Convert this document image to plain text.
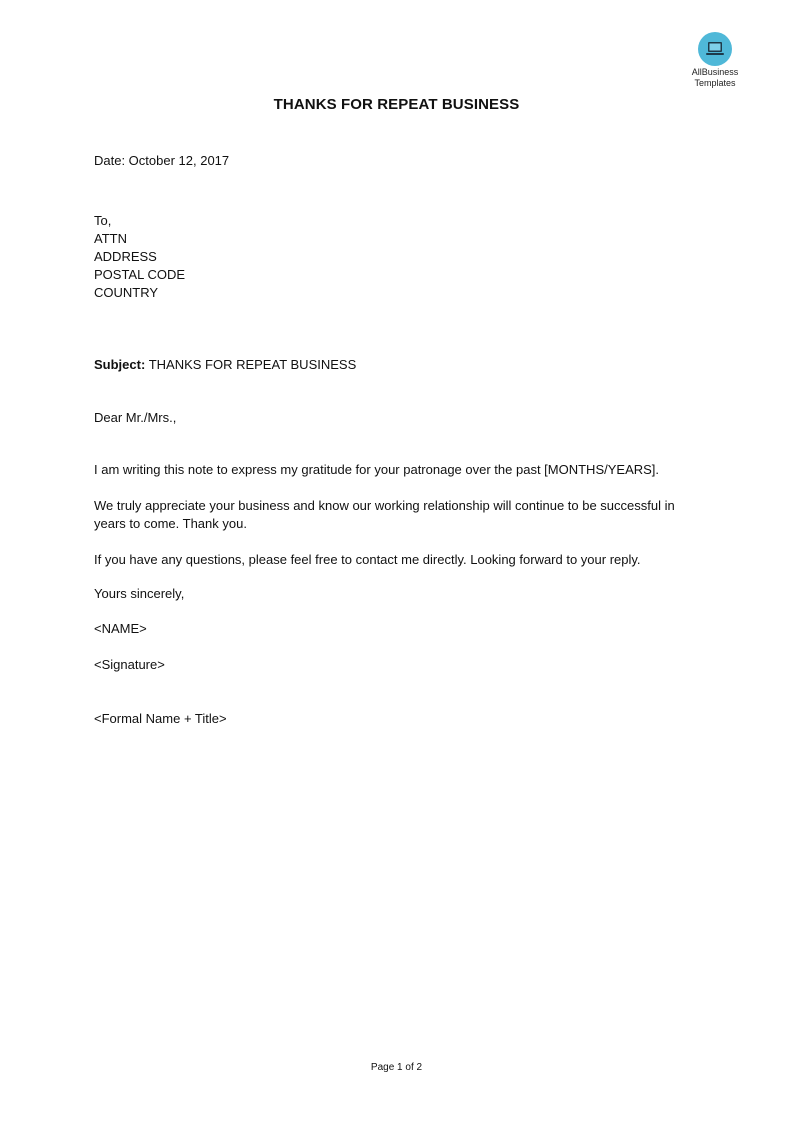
AllBusiness
Templates
THANKS FOR REPEAT BUSINESS
Date: October 12, 2017
To,
ATTN
ADDRESS
POSTAL CODE
COUNTRY
Subject: THANKS FOR REPEAT BUSINESS
Dear Mr./Mrs.,
I am writing this note to express my gratitude for your patronage over the past [MONTHS/YEARS].
We truly appreciate your business and know our working relationship will continue to be successful in years to come. Thank you.
If you have any questions, please feel free to contact me directly. Looking forward to your reply.
Yours sincerely,
<NAME>
<Signature>
<Formal Name + Title>
Page 1 of 2
